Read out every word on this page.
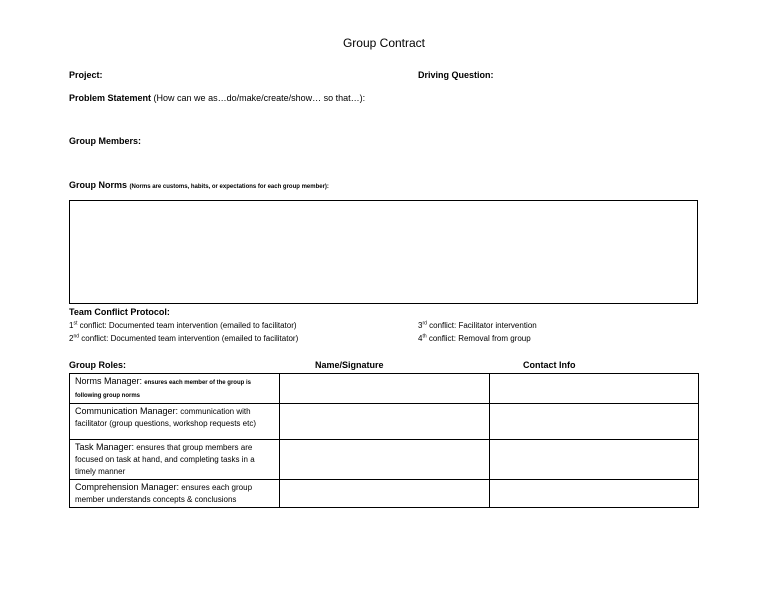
Group Contract
Project:	Driving Question:
Problem Statement (How can we as…do/make/create/show… so that…):
Group Members:
Group Norms (Norms are customs, habits, or expectations for each group member):
Team Conflict Protocol:
1st conflict: Documented team intervention (emailed to facilitator)
2nd conflict: Documented team intervention (emailed to facilitator)
3rd conflict: Facilitator intervention
4th conflict: Removal from group
Group Roles:	Name/Signature	Contact Info
Norms Manager: ensures each member of the group is following group norms		
Communication Manager: communication with facilitator (group questions, workshop requests etc)		
Task Manager: ensures that group members are focused on task at hand, and completing tasks in a timely manner		
Comprehension Manager: ensures each group member understands concepts & conclusions		
